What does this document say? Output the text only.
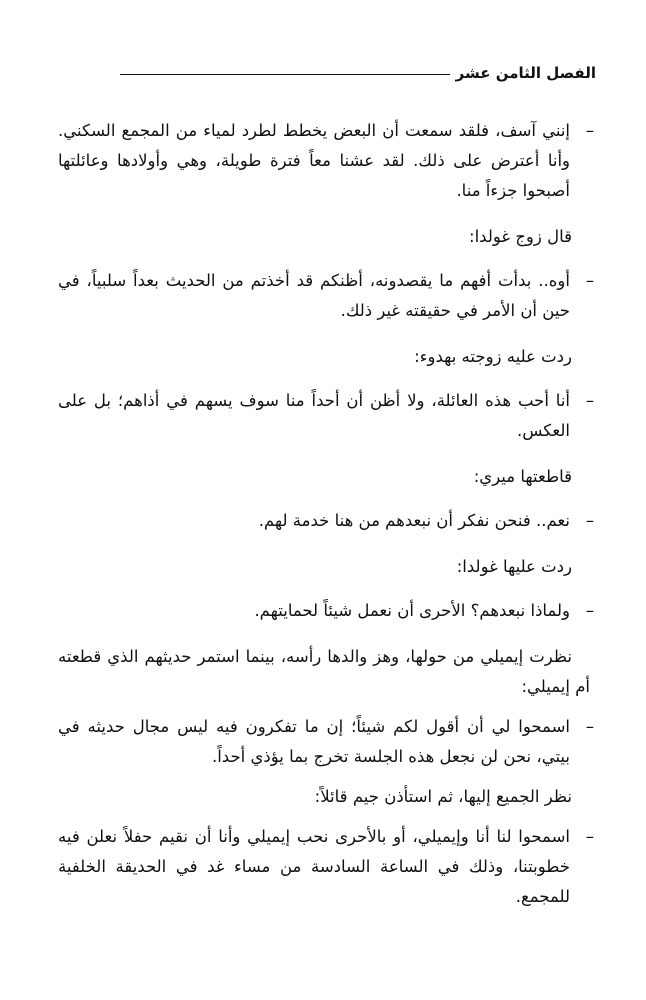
الفصل الثامن عشر

–
إنني آسف، فلقد سمعت أن البعض يخطط لطرد لمياء من المجمع السكني. وأنا أعترض على ذلك. لقد عشنا معاً فترة طويلة، وهي وأولادها وعائلتها أصبحوا جزءاً منا.

قال زوج غولدا:

–
أوه.. بدأت أفهم ما يقصدونه، أظنكم قد أخذتم من الحديث بعداً سلبياً، في حين أن الأمر في حقيقته غير ذلك.

ردت عليه زوجته بهدوء:

–
أنا أحب هذه العائلة، ولا أظن أن أحداً منا سوف يسهم في أذاهم؛ بل على العكس.

قاطعتها ميري:

–
نعم.. فنحن نفكر أن نبعدهم من هنا خدمة لهم.

ردت عليها غولدا:

–
ولماذا نبعدهم؟ الأحرى أن نعمل شيئاً لحمايتهم.

نظرت إيميلي من حولها، وهز والدها رأسه، بينما استمر حديثهم الذي قطعته أم إيميلي:

–
اسمحوا لي أن أقول لكم شيئاً؛ إن ما تفكرون فيه ليس مجال حديثه في بيتي، نحن لن نجعل هذه الجلسة تخرج بما يؤذي أحداً.

نظر الجميع إليها، ثم استأذن جيم قائلاً:

–
اسمحوا لنا أنا وإيميلي، أو بالأحرى نحب إيميلي وأنا أن نقيم حفلاً نعلن فيه خطوبتنا، وذلك في الساعة السادسة من مساء غد في الحديقة الخلفية للمجمع.
